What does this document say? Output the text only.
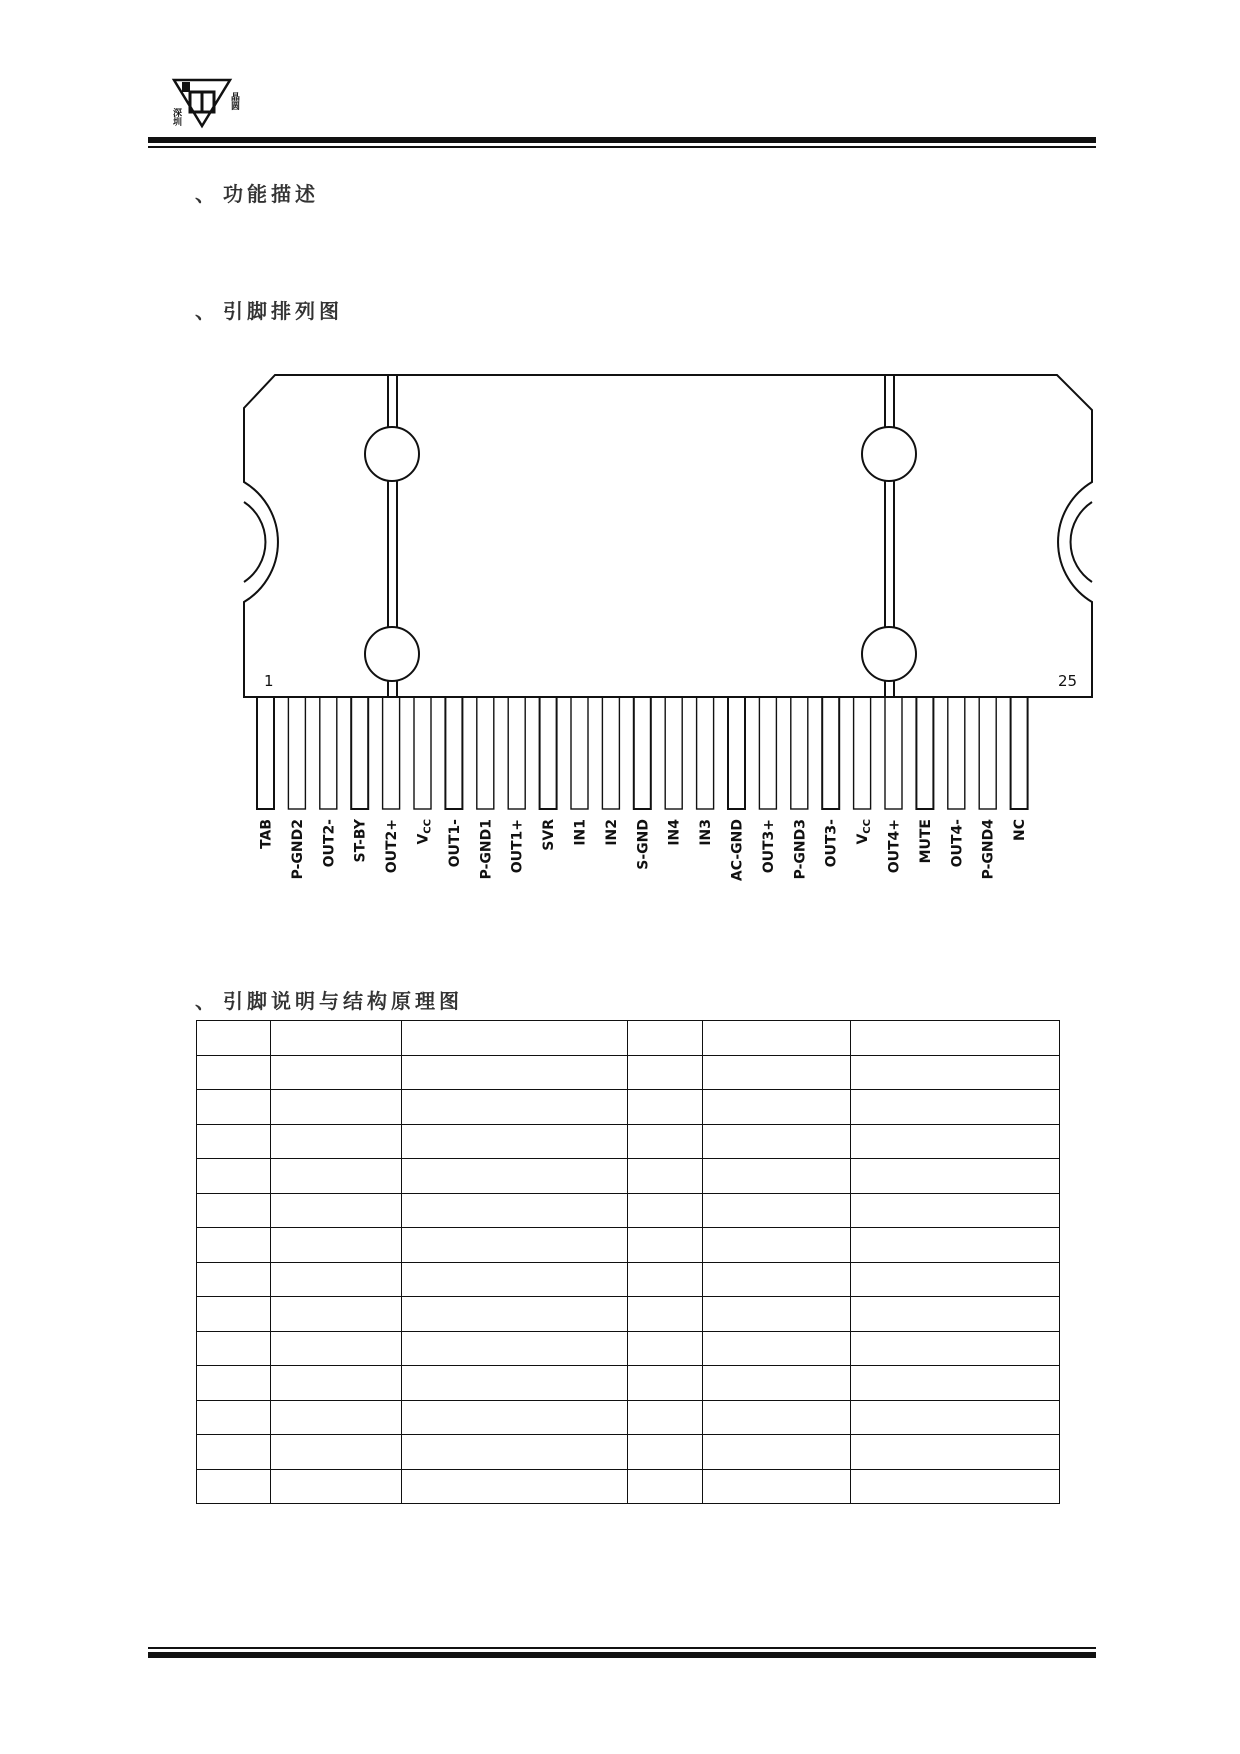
深圳
晶圆
、 功能描述
、 引脚排列图
1	25
TAB P-GND2 OUT2- ST-BY $OUT2+ V_{CC}$ OUT1- P-GND1 OUT1+ SVR IN1 IN2 S-GND IN4 IN3 AC-GND OUT3+ P-GND3 OUT3- $V_{CC}$ OUT4+ MUTE OUT4- P-GND4 NC
、 引脚说明与结构原理图
